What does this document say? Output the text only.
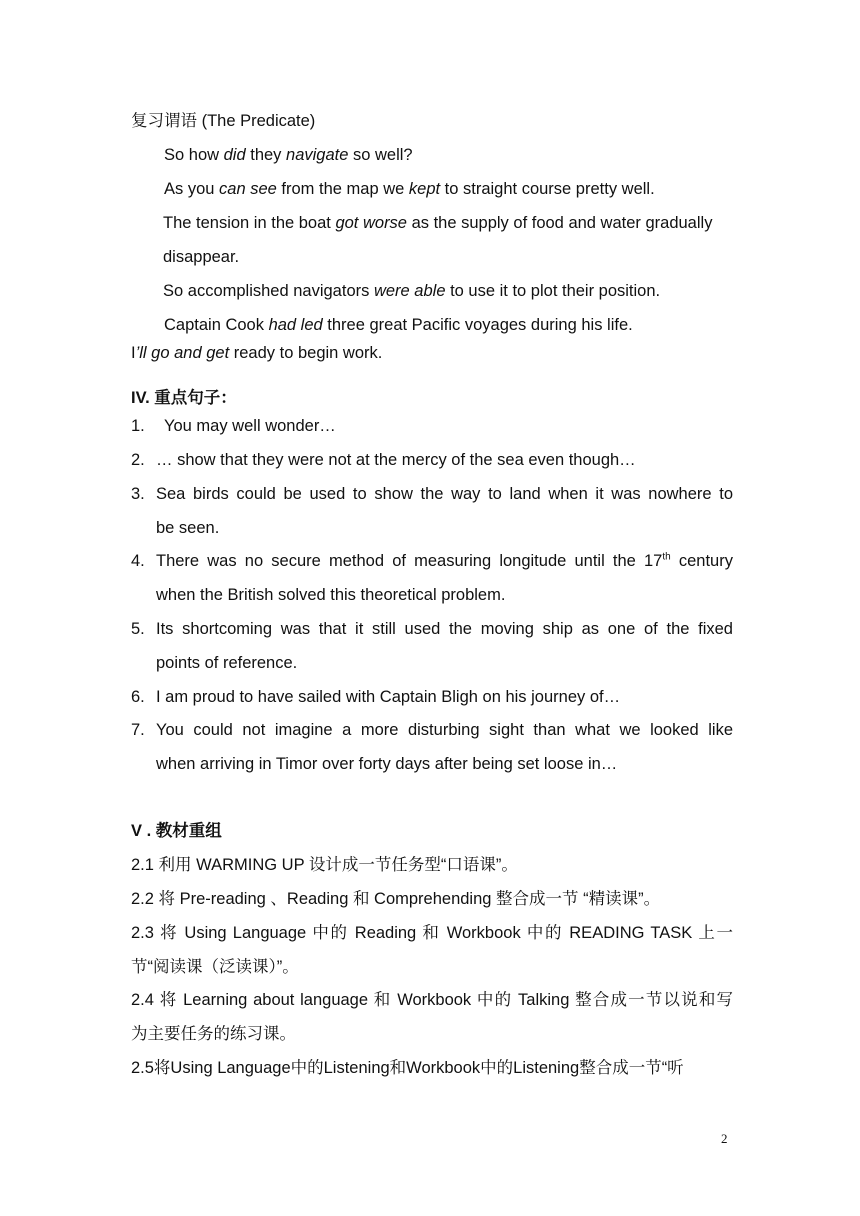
复习谓语 (The Predicate)
So how did they navigate so well?
As you can see from the map we kept to straight course pretty well.
The tension in the boat got worse as the supply of food and water gradually
disappear.
So accomplished navigators were able to use it to plot their position.
Captain Cook had led three great Pacific voyages during his life.
I’ll go and get ready to begin work.
IV. 重点句子：
1. You may well wonder…
2. … show that they were not at the mercy of the sea even though…
3. Sea birds could be used to show the way to land when it was nowhere to
be seen.
4. There was no secure method of measuring longitude until the 17th century
when the British solved this theoretical problem.
5. Its shortcoming was that it still used the moving ship as one of the fixed
points of reference.
6. I am proud to have sailed with Captain Bligh on his journey of…
7. You could not imagine a more disturbing sight than what we looked like
when arriving in Timor over forty days after being set loose in…
V . 教材重组
2.1 利用 WARMING UP 设计成一节任务型“口语课”。
2.2 将 Pre-reading 、Reading 和 Comprehending 整合成一节 “精读课”。
2.3 将 Using Language 中的 Reading 和 Workbook 中的 READING TASK 上一
节“阅读课（泛读课）”。
2.4 将 Learning about language 和 Workbook 中的 Talking 整合成一节以说和写
为主要任务的练习课。
2.5将Using Language中的Listening和Workbook中的Listening整合成一节“听
2
